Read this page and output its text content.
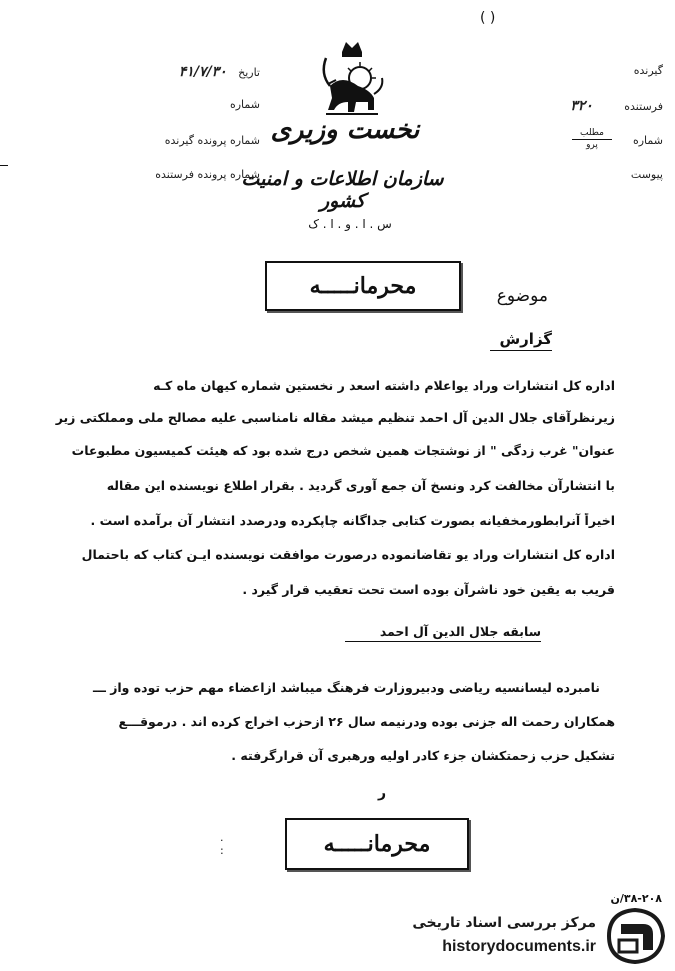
( )
تاریخ ۴۱/۷/۳۰
شماره
شماره پرونده گیرنده
شماره پرونده فرستنده
نخست وزیری
سازمان اطلاعات و امنیت کشور
س . ا . و . ا . ک
گیرنده
فرستنده ۳۲۰
شماره
مطلب
پرو
پیوست
محرمانـــــه	موضوع
گزارش
اداره کل انتشارات وراد یواعلام داشته اسعد ر نخستین شماره کیهان ماه کـه
زیرنظرآقای جلال الدین آل احمد تنظیم میشد مقاله نامناسبی علیه مصالح ملی ومملکتی زیر
عنوان" غرب زدگی " از نوشتجات همین شخص درج شده بود که هیئت کمیسیون مطبوعات
با انتشارآن مخالفت کرد ونسخ آن جمع آوری گردید . بقرار اطلاع نویسنده این مقاله
اخیراً آنرابطورمخفیانه بصورت کتابی جداگانه چاپکرده ودرصدد انتشار آن برآمده است .
اداره کل انتشارات وراد یو تقاضانموده درصورت موافقت نویسنده ایـن کتاب که باحتمال
قریب به یقین خود ناشرآن بوده است تحت تعقیب قرار گیرد .
سابقه جلال الدین آل احمد
نامبرده لیسانسیه ریاضی ودبیروزارت فرهنگ میباشد ازاعضاء مهم حزب توده واز ـــ
همکاران رحمت اله جزنی بوده ودرنیمه سال ۲۶ ازحزب اخراج کرده اند . درموقـــع
تشکیل حزب زحمتکشان جزء کادر اولیه ورهبری آن قرارگرفته .
ر
·
:	محرمانـــــه
۳۸-۲۰۸/ن
مرکز بررسی اسناد تاریخی
historydocuments.ir
